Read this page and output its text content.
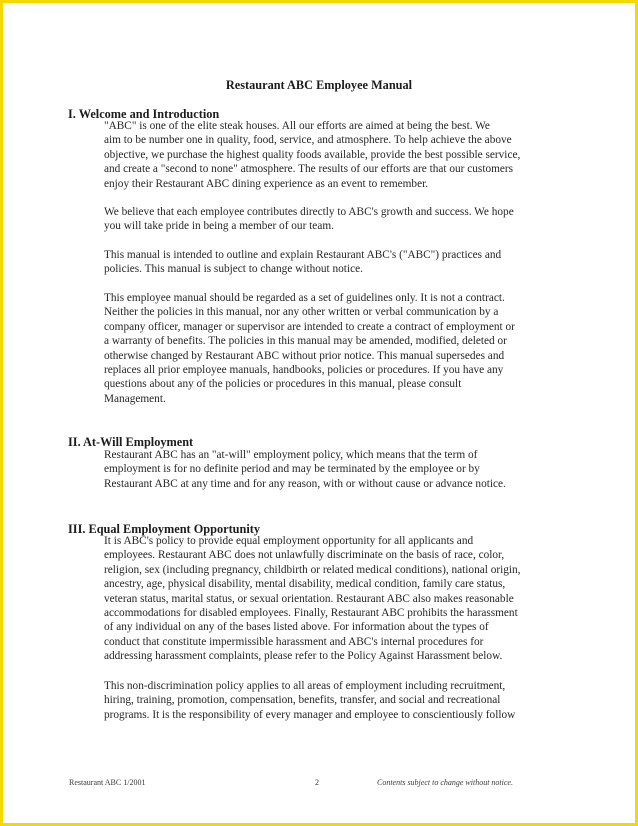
Restaurant ABC Employee Manual
I. Welcome and Introduction
"ABC" is one of the elite steak houses. All our efforts are aimed at being the best. We
aim to be number one in quality, food, service, and atmosphere. To help achieve the above
objective, we purchase the highest quality foods available, provide the best possible service,
and create a "second to none" atmosphere. The results of our efforts are that our customers
enjoy their Restaurant ABC dining experience as an event to remember.
We believe that each employee contributes directly to ABC's growth and success. We hope
you will take pride in being a member of our team.
This manual is intended to outline and explain Restaurant ABC's ("ABC") practices and
policies. This manual is subject to change without notice.
This employee manual should be regarded as a set of guidelines only. It is not a contract.
Neither the policies in this manual, nor any other written or verbal communication by a
company officer, manager or supervisor are intended to create a contract of employment or
a warranty of benefits. The policies in this manual may be amended, modified, deleted or
otherwise changed by Restaurant ABC without prior notice. This manual supersedes and
replaces all prior employee manuals, handbooks, policies or procedures. If you have any
questions about any of the policies or procedures in this manual, please consult
Management.
II. At-Will Employment
Restaurant ABC has an "at-will" employment policy, which means that the term of
employment is for no definite period and may be terminated by the employee or by
Restaurant ABC at any time and for any reason, with or without cause or advance notice.
III. Equal Employment Opportunity
It is ABC's policy to provide equal employment opportunity for all applicants and
employees. Restaurant ABC does not unlawfully discriminate on the basis of race, color,
religion, sex (including pregnancy, childbirth or related medical conditions), national origin,
ancestry, age, physical disability, mental disability, medical condition, family care status,
veteran status, marital status, or sexual orientation. Restaurant ABC also makes reasonable
accommodations for disabled employees. Finally, Restaurant ABC prohibits the harassment
of any individual on any of the bases listed above. For information about the types of
conduct that constitute impermissible harassment and ABC's internal procedures for
addressing harassment complaints, please refer to the Policy Against Harassment below.
This non-discrimination policy applies to all areas of employment including recruitment,
hiring, training, promotion, compensation, benefits, transfer, and social and recreational
programs. It is the responsibility of every manager and employee to conscientiously follow
Restaurant ABC 1/2001	2	Contents subject to change without notice.
